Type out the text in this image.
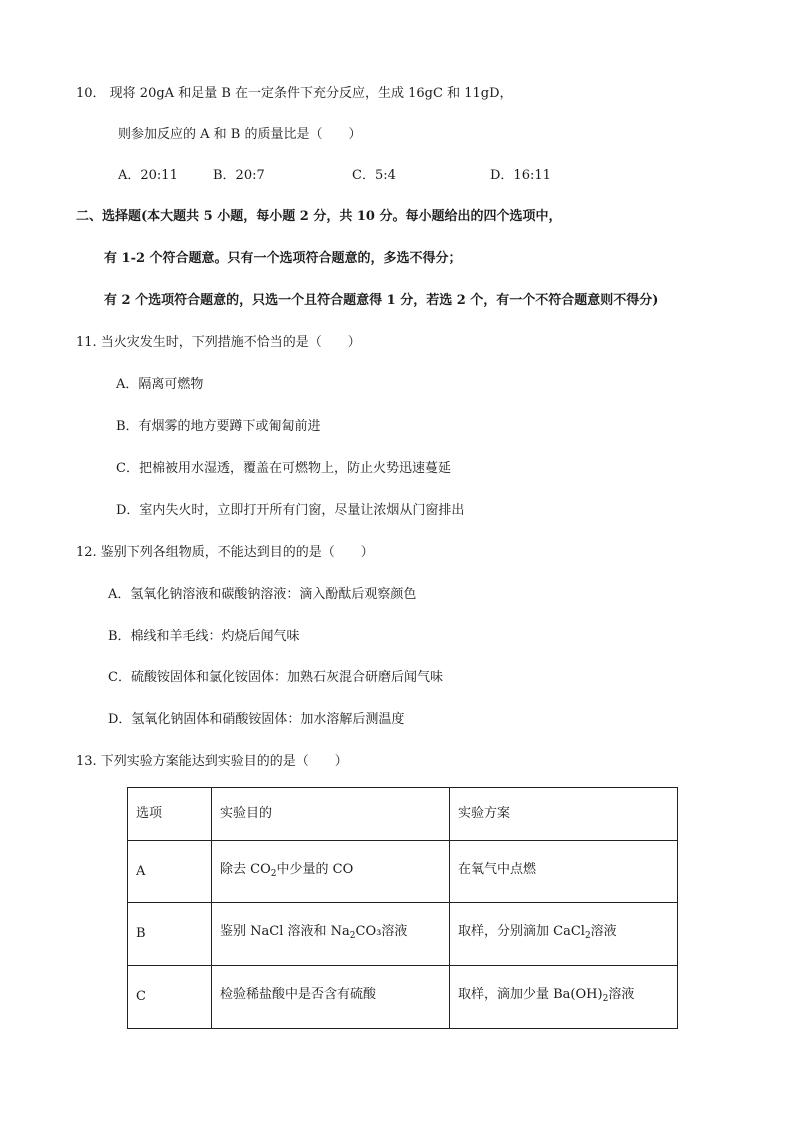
10． 现将 20gA 和足量 B 在一定条件下充分反应，生成 16gC 和 11gD，
则参加反应的 A 和 B 的质量比是（　　）
A．20:11	B．20:7	C．5:4	D．16:11
二、选择题(本大题共 5 小题，每小题 2 分，共 10 分。每小题给出的四个选项中，
有 1-2 个符合题意。只有一个选项符合题意的，多选不得分；
有 2 个选项符合题意的，只选一个且符合题意得 1 分，若选 2 个，有一个不符合题意则不得分)
11. 当火灾发生时，下列措施不恰当的是（　　）
A．隔离可燃物
B．有烟雾的地方要蹲下或匍匐前进
C．把棉被用水湿透，覆盖在可燃物上，防止火势迅速蔓延
D．室内失火时，立即打开所有门窗，尽量让浓烟从门窗排出
12. 鉴别下列各组物质，不能达到目的的是（　　）
A．氢氧化钠溶液和碳酸钠溶液：滴入酚酞后观察颜色
B．棉线和羊毛线：灼烧后闻气味
C．硫酸铵固体和氯化铵固体：加熟石灰混合研磨后闻气味
D．氢氧化钠固体和硝酸铵固体：加水溶解后测温度
13. 下列实验方案能达到实验目的的是（　　）
选项	实验目的	实验方案
A	除去 $CO_2$中少量的 CO	在氧气中点燃
B	鉴别 NaCl 溶液和 $Na_2CO_3$溶液	取样，分别滴加 CaCl$_2$溶液
C	检验稀盐酸中是否含有硫酸	取样，滴加少量 $Ba(OH)_2$溶液
